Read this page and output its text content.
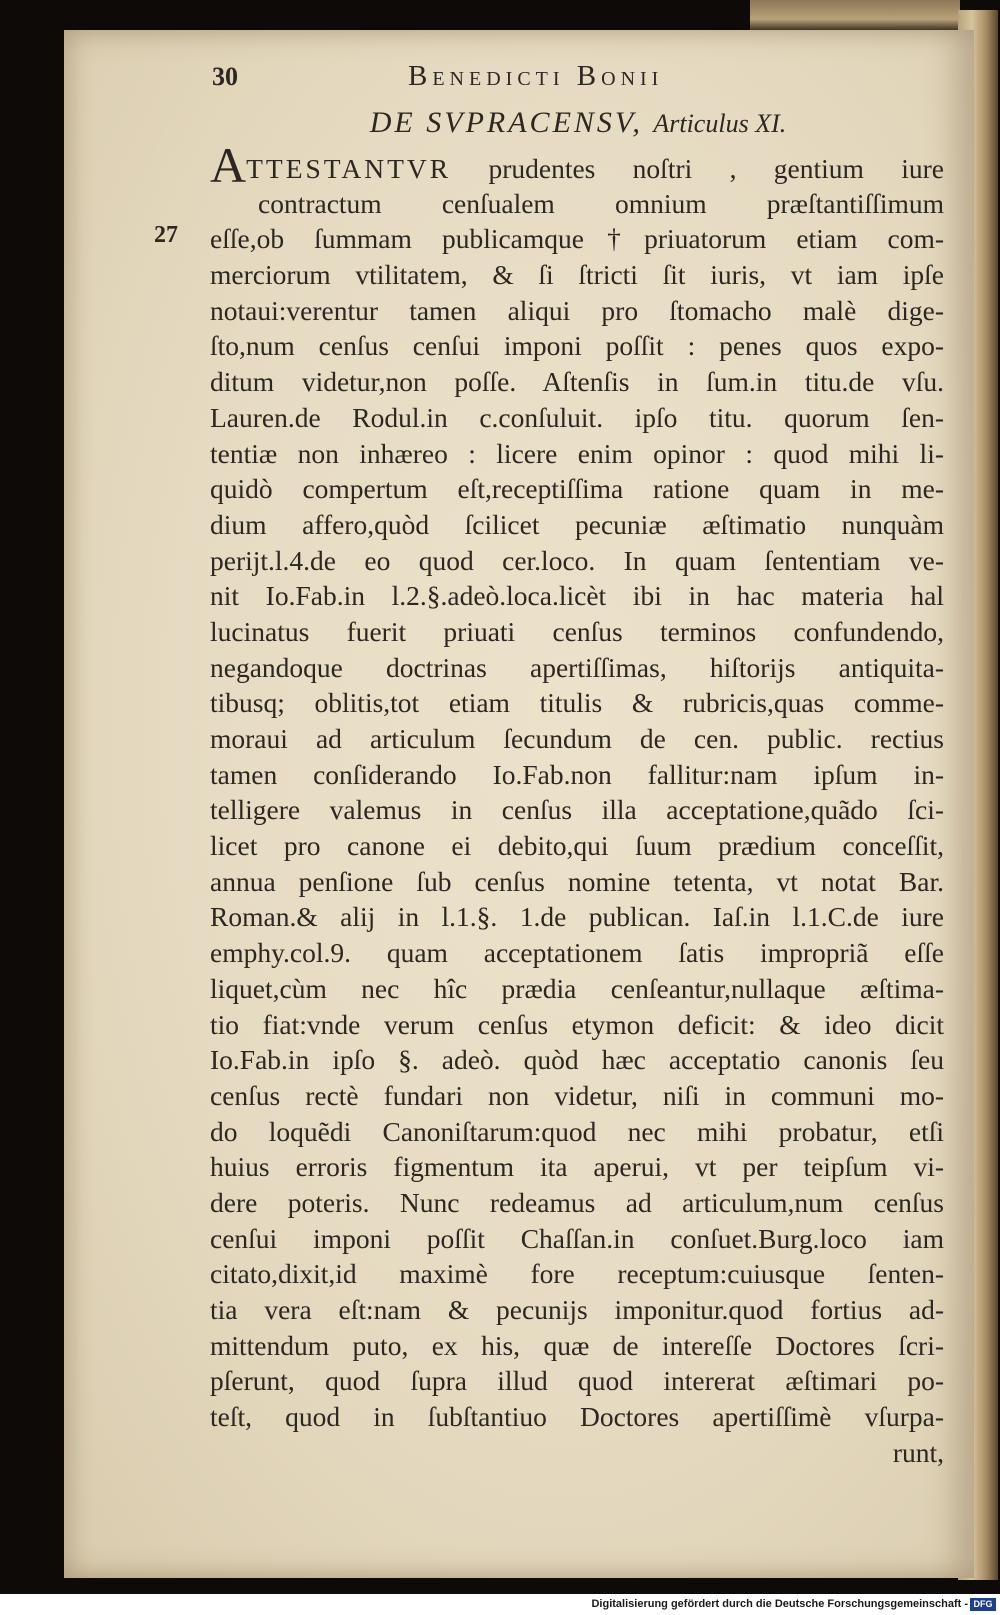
30	Benedicti Bonii
DE SVPRACENSV, Articulus XI.
ATTESTANTVR prudentes noſtri , gentium iure
contractum cenſualem omnium præſtantiſſimum
eſſe,ob ſummam publicamque†priuatorum etiam com-
merciorum vtilitatem, & ſi ſtricti ſit iuris, vt iam ipſe
notaui:verentur tamen aliqui pro ſtomacho malè dige-
ſto,num cenſus cenſui imponi poſſit : penes quos expo-
ditum videtur,non poſſe. Aſtenſis in ſum.in titu.de vſu.
Lauren.de Rodul.in c.conſuluit. ipſo titu. quorum ſen-
tentiæ non inhæreo : licere enim opinor : quod mihi li-
quidò compertum eſt,receptiſſima ratione quam in me-
dium affero,quòd ſcilicet pecuniæ æſtimatio nunquàm
perijt.l.4.de eo quod cer.loco. In quam ſententiam ve-
nit Io.Fab.in l.2.§.adeò.loca.licèt ibi in hac materia hal
lucinatus fuerit priuati cenſus terminos confundendo,
negandoque doctrinas apertiſſimas, hiſtorijs antiquita-
tibusq; oblitis,tot etiam titulis & rubricis,quas comme-
moraui ad articulum ſecundum de cen. public. rectius
tamen conſiderando Io.Fab.non fallitur:nam ipſum in-
telligere valemus in cenſus illa acceptatione,quãdo ſci-
licet pro canone ei debito,qui ſuum prædium conceſſit,
annua penſione ſub cenſus nomine tetenta, vt notat Bar.
Roman.& alij in l.1.§. 1.de publican. Iaſ.in l.1.C.de iure
emphy.col.9. quam acceptationem ſatis impropriã eſſe
liquet,cùm nec hîc prædia cenſeantur,nullaque æſtima-
tio fiat:vnde verum cenſus etymon deficit: & ideo dicit
Io.Fab.in ipſo §. adeò. quòd hæc acceptatio canonis ſeu
cenſus rectè fundari non videtur, niſi in communi mo-
do loquẽdi Canoniſtarum:quod nec mihi probatur, etſi
huius erroris figmentum ita aperui, vt per teipſum vi-
dere poteris. Nunc redeamus ad articulum,num cenſus
cenſui imponi poſſit Chaſſan.in conſuet.Burg.loco iam
citato,dixit,id maximè fore receptum:cuiusque ſenten-
tia vera eſt:nam & pecunijs imponitur.quod fortius ad-
mittendum puto, ex his, quæ de intereſſe Doctores ſcri-
pſerunt, quod ſupra illud quod intererat æſtimari po-
teſt, quod in ſubſtantiuo Doctores apertiſſimè vſurpa-
runt,
27
Digitalisierung gefördert durch die Deutsche Forschungsgemeinschaft - DFG
